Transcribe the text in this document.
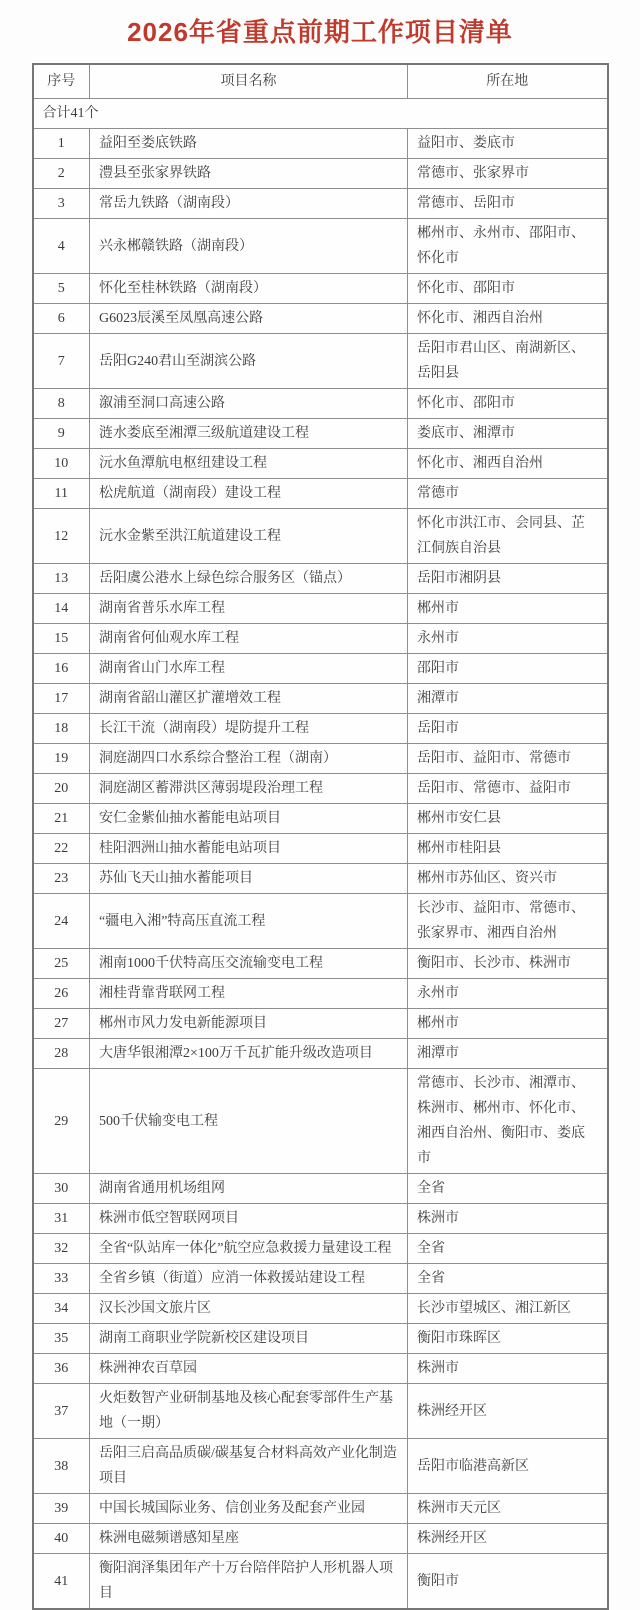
2026年省重点前期工作项目清单
序号	项目名称	所在地
合计41个		
1	益阳至娄底铁路	益阳市、娄底市
2	澧县至张家界铁路	常德市、张家界市
3	常岳九铁路（湖南段）	常德市、岳阳市
4	兴永郴赣铁路（湖南段）	郴州市、永州市、邵阳市、怀化市
5	怀化至桂林铁路（湖南段）	怀化市、邵阳市
6	G6023辰溪至凤凰高速公路	怀化市、湘西自治州
7	岳阳G240君山至湖滨公路	岳阳市君山区、南湖新区、岳阳县
8	溆浦至洞口高速公路	怀化市、邵阳市
9	涟水娄底至湘潭三级航道建设工程	娄底市、湘潭市
10	沅水鱼潭航电枢纽建设工程	怀化市、湘西自治州
11	松虎航道（湖南段）建设工程	常德市
12	沅水金紫至洪江航道建设工程	怀化市洪江市、会同县、芷江侗族自治县
13	岳阳虞公港水上绿色综合服务区（锚点）	岳阳市湘阴县
14	湖南省普乐水库工程	郴州市
15	湖南省何仙观水库工程	永州市
16	湖南省山门水库工程	邵阳市
17	湖南省韶山灌区扩灌增效工程	湘潭市
18	长江干流（湖南段）堤防提升工程	岳阳市
19	洞庭湖四口水系综合整治工程（湖南）	岳阳市、益阳市、常德市
20	洞庭湖区蓄滞洪区薄弱堤段治理工程	岳阳市、常德市、益阳市
21	安仁金紫仙抽水蓄能电站项目	郴州市安仁县
22	桂阳泗洲山抽水蓄能电站项目	郴州市桂阳县
23	苏仙飞天山抽水蓄能项目	郴州市苏仙区、资兴市
24	“疆电入湘”特高压直流工程	长沙市、益阳市、常德市、张家界市、湘西自治州
25	湘南1000千伏特高压交流输变电工程	衡阳市、长沙市、株洲市
26	湘桂背靠背联网工程	永州市
27	郴州市风力发电新能源项目	郴州市
28	大唐华银湘潭2×100万千瓦扩能升级改造项目	湘潭市
29	500千伏输变电工程	常德市、长沙市、湘潭市、株洲市、郴州市、怀化市、湘西自治州、衡阳市、娄底市
30	湖南省通用机场组网	全省
31	株洲市低空智联网项目	株洲市
32	全省“队站库一体化”航空应急救援力量建设工程	全省
33	全省乡镇（街道）应消一体救援站建设工程	全省
34	汉长沙国文旅片区	长沙市望城区、湘江新区
35	湖南工商职业学院新校区建设项目	衡阳市珠晖区
36	株洲神农百草园	株洲市
37	火炬数智产业研制基地及核心配套零部件生产基地（一期）	株洲经开区
38	岳阳三启高品质碳/碳基复合材料高效产业化制造项目	岳阳市临港高新区
39	中国长城国际业务、信创业务及配套产业园	株洲市天元区
40	株洲电磁频谱感知星座	株洲经开区
41	衡阳润泽集团年产十万台陪伴陪护人形机器人项目	衡阳市
